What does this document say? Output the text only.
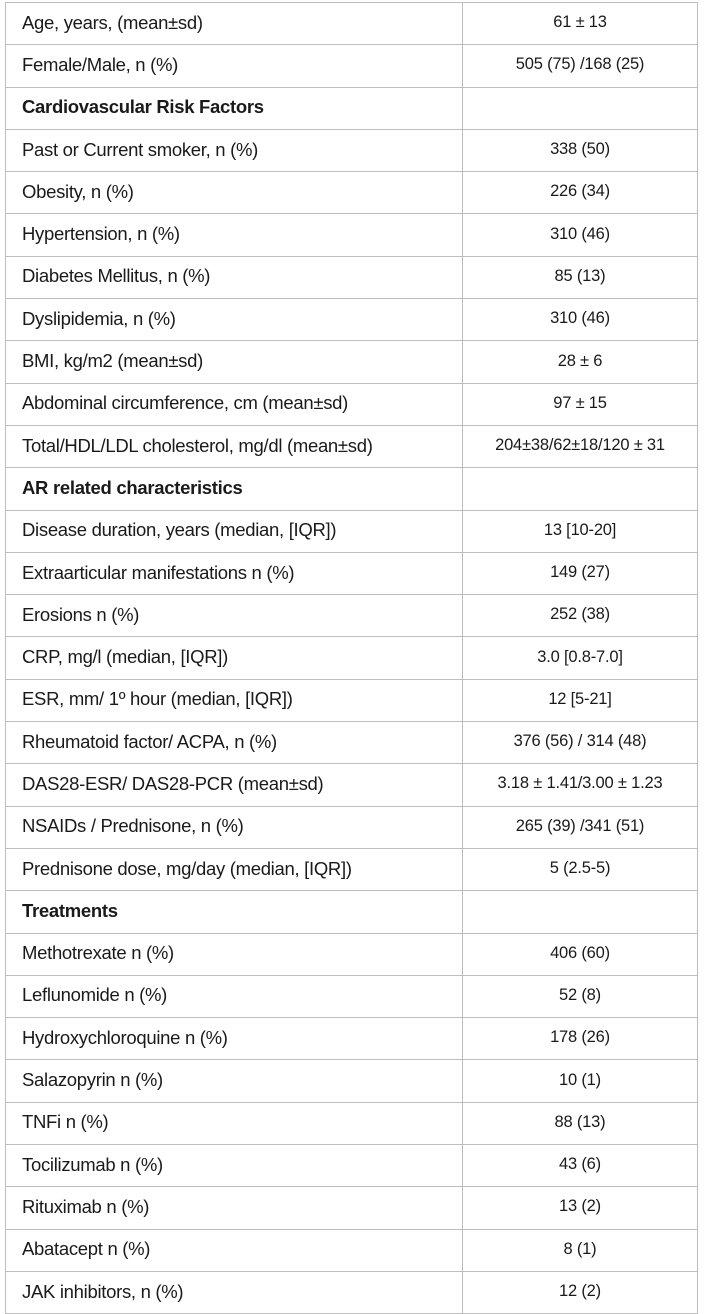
Age, years, (mean±sd)	61 ± 13
Female/Male, n (%)	505 (75) /168 (25)
Cardiovascular Risk Factors	
Past or Current smoker, n (%)	338 (50)
Obesity, n (%)	226 (34)
Hypertension, n (%)	310 (46)
Diabetes Mellitus, n (%)	85 (13)
Dyslipidemia, n (%)	310 (46)
BMI, kg/m2 (mean±sd)	28 ± 6
Abdominal circumference, cm (mean±sd)	97 ± 15
Total/HDL/LDL cholesterol, mg/dl (mean±sd)	204±38/62±18/120 ± 31
AR related characteristics	
Disease duration, years (median, [IQR])	13 [10-20]
Extraarticular manifestations n (%)	149 (27)
Erosions n (%)	252 (38)
CRP, mg/l (median, [IQR])	3.0 [0.8-7.0]
ESR, mm/ 1º hour (median, [IQR])	12 [5-21]
Rheumatoid factor/ ACPA, n (%)	376 (56) / 314 (48)
DAS28-ESR/ DAS28-PCR (mean±sd)	3.18 ± 1.41/3.00 ± 1.23
NSAIDs / Prednisone, n (%)	265 (39) /341 (51)
Prednisone dose, mg/day (median, [IQR])	5 (2.5-5)
Treatments	
Methotrexate n (%)	406 (60)
Leflunomide n (%)	52 (8)
Hydroxychloroquine n (%)	178 (26)
Salazopyrin n (%)	10 (1)
TNFi n (%)	88 (13)
Tocilizumab n (%)	43 (6)
Rituximab n (%)	13 (2)
Abatacept n (%)	8 (1)
JAK inhibitors, n (%)	12 (2)
